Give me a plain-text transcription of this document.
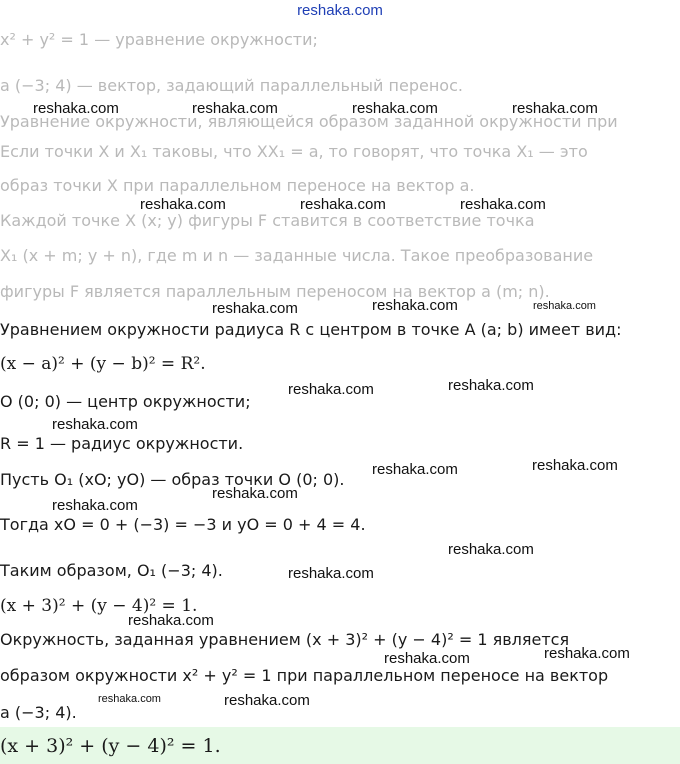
reshaka.com
x² + y² = 1 — уравнение окружности;
a (−3; 4) — вектор, задающий параллельный перенос.
Уравнение окружности, являющейся образом заданной окружности при
Если точки X и X₁ таковы, что XX₁ = a, то говорят, что точка X₁ — это
образ точки X при параллельном переносе на вектор a.
Каждой точке X (x; y) фигуры F ставится в соответствие точка
X₁ (x + m; y + n), где m и n — заданные числа. Такое преобразование
фигуры F является параллельным переносом на вектор a (m; n).
Уравнением окружности радиуса R с центром в точке A (a; b) имеет вид:
(x − a)² + (y − b)² = R².
O (0; 0) — центр окружности;
R = 1 — радиус окружности.
Пусть O₁ (xO; yO) — образ точки O (0; 0).
Тогда xO = 0 + (−3) = −3 и yO = 0 + 4 = 4.
Таким образом, O₁ (−3; 4).
(x + 3)² + (y − 4)² = 1.
Окружность, заданная уравнением (x + 3)² + (y − 4)² = 1 является
образом окружности x² + y² = 1 при параллельном переносе на вектор
a (−3; 4).
(x + 3)² + (y − 4)² = 1.
reshaka.com	reshaka.com	reshaka.com	reshaka.com
reshaka.com	reshaka.com	reshaka.com
reshaka.com	reshaka.com	reshaka.com
reshaka.com	reshaka.com
reshaka.com
reshaka.com	reshaka.com
reshaka.com
reshaka.com
reshaka.com
reshaka.com
reshaka.com
reshaka.com	reshaka.com
reshaka.com	reshaka.com
